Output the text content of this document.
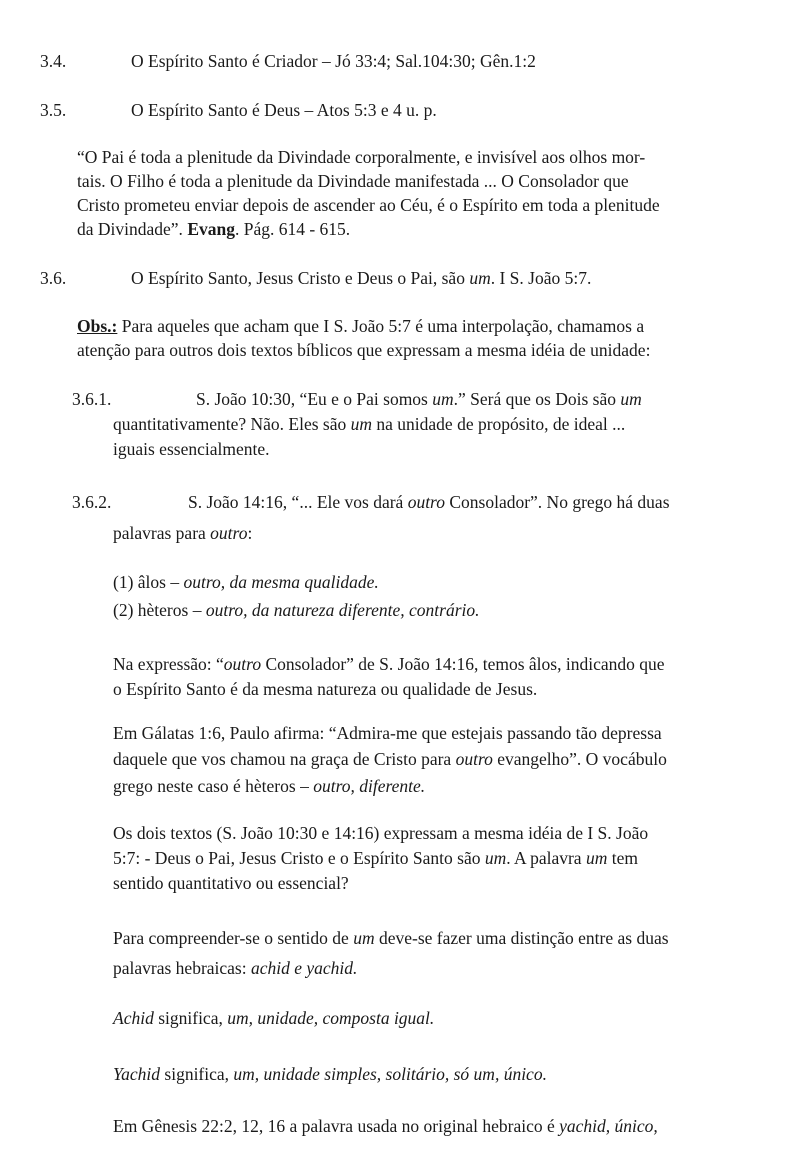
3.4.	O Espírito Santo é Criador – Jó 33:4; Sal.104:30; Gên.1:2
3.5.	O Espírito Santo é Deus – Atos 5:3 e 4 u. p.
“O Pai é toda a plenitude da Divindade corporalmente, e invisível aos olhos mor-
tais. O Filho é toda a plenitude da Divindade manifestada ... O Consolador que
Cristo prometeu enviar depois de ascender ao Céu, é o Espírito em toda a plenitude
da Divindade”. Evang. Pág. 614 - 615.
3.6.	O Espírito Santo, Jesus Cristo e Deus o Pai, são um. I S. João 5:7.
Obs.: Para aqueles que acham que I S. João 5:7 é uma interpolação, chamamos a
atenção para outros dois textos bíblicos que expressam a mesma idéia de unidade:
3.6.1.	S. João 10:30, “Eu e o Pai somos um.” Será que os Dois são um
quantitativamente? Não. Eles são um na unidade de propósito, de ideal ...
iguais essencialmente.
3.6.2.	S. João 14:16, “... Ele vos dará outro Consolador”. No grego há duas
palavras para outro:
(1) âlos – outro, da mesma qualidade.
(2) hèteros – outro, da natureza diferente, contrário.
Na expressão: “outro Consolador” de S. João 14:16, temos âlos, indicando que
o Espírito Santo é da mesma natureza ou qualidade de Jesus.
Em Gálatas 1:6, Paulo afirma: “Admira-me que estejais passando tão depressa
daquele que vos chamou na graça de Cristo para outro evangelho”. O vocábulo
grego neste caso é hèteros – outro, diferente.
Os dois textos (S. João 10:30 e 14:16) expressam a mesma idéia de I S. João
5:7: - Deus o Pai, Jesus Cristo e o Espírito Santo são um. A palavra um tem
sentido quantitativo ou essencial?
Para compreender-se o sentido de um deve-se fazer uma distinção entre as duas
palavras hebraicas: achid e yachid.
Achid significa, um, unidade, composta igual.
Yachid significa, um, unidade simples, solitário, só um, único.
Em Gênesis 22:2, 12, 16 a palavra usada no original hebraico é yachid, único,
